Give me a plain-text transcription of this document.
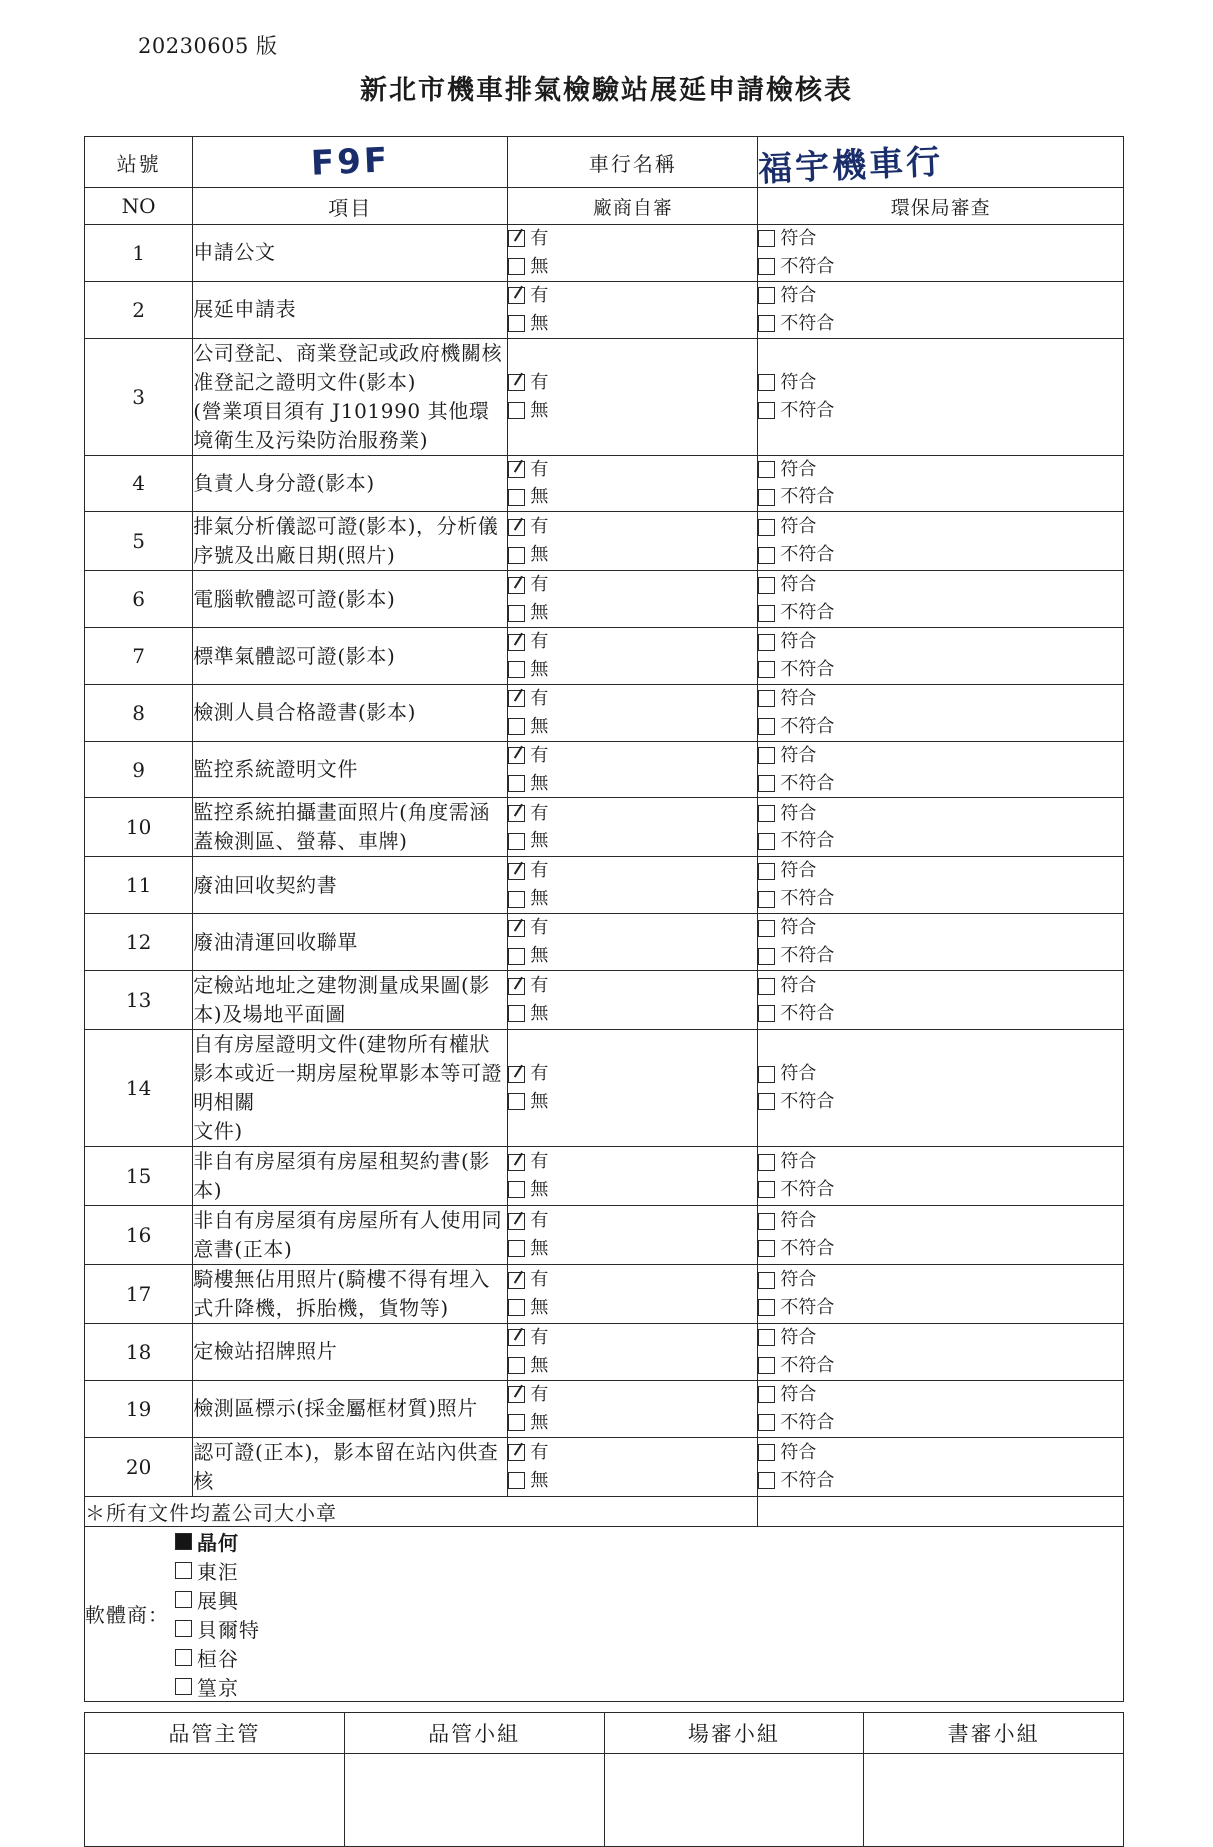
20230605 版
新北市機車排氣檢驗站展延申請檢核表
站號	F9F	車行名稱	福宇機車行
NO	項目	廠商自審	環保局審查
1	申請公文

有
無

符合
不符合

2	展延申請表

有
無

符合
不符合

3	
公司登記、商業登記或政府機關核准登記之證明文件(影本)
(營業項目須有 J101990 其他環境衛生及污染防治服務業)

有
無

符合
不符合

4	負責人身分證(影本)

有
無

符合
不符合

5	
排氣分析儀認可證(影本)，分析儀序號及出廠日期(照片)

有
無

符合
不符合

6	電腦軟體認可證(影本)

有
無

符合
不符合

7	標準氣體認可證(影本)

有
無

符合
不符合

8	檢測人員合格證書(影本)

有
無

符合
不符合

9	監控系統證明文件

有
無

符合
不符合

10	
監控系統拍攝畫面照片(角度需涵蓋檢測區、螢幕、車牌)

有
無

符合
不符合

11	廢油回收契約書

有
無

符合
不符合

12	廢油清運回收聯單

有
無

符合
不符合

13	
定檢站地址之建物測量成果圖(影本)及場地平面圖

有
無

符合
不符合

14	
自有房屋證明文件(建物所有權狀影本或近一期房屋稅單影本等可證明相關
文件)

有
無

符合
不符合

15	
非自有房屋須有房屋租契約書(影本)

有
無

符合
不符合

16	
非自有房屋須有房屋所有人使用同意書(正本)

有
無

符合
不符合

17	
騎樓無佔用照片(騎樓不得有埋入式升降機，拆胎機，貨物等)

有
無

符合
不符合

18	定檢站招牌照片

有
無

符合
不符合

19	檢測區標示(採金屬框材質)照片

有
無

符合
不符合

20	
認可證(正本)，影本留在站內供查核

有
無

符合
不符合

＊所有文件均蓋公司大小章			

軟體商：
晶何
東洰
展興
貝爾特
桓谷
篁京
品管主管	品管小組	場審小組	書審小組
